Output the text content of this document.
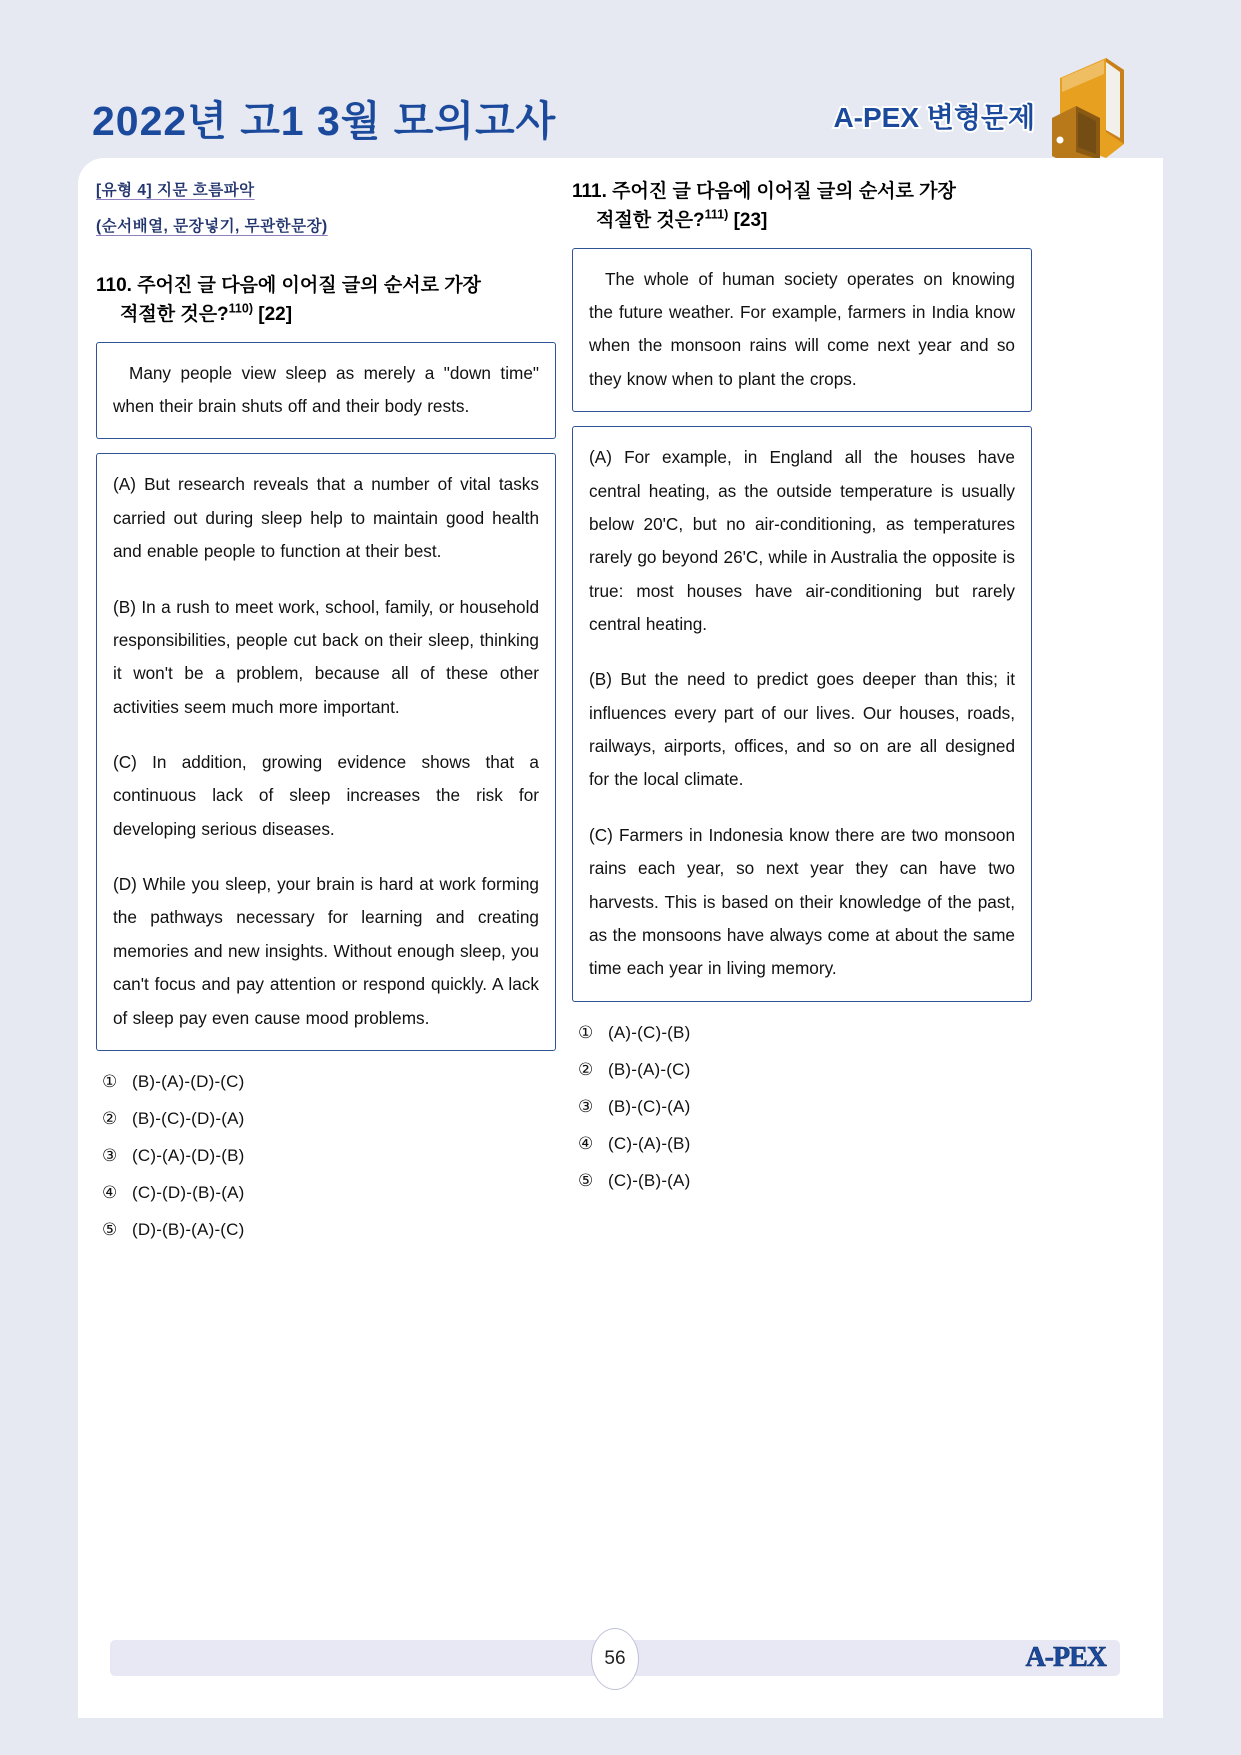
2022년 고1 3월 모의고사	A-PEX 변형문제
[유형 4] 지문 흐름파악
(순서배열, 문장넣기, 무관한문장)
110. 주어진 글 다음에 이어질 글의 순서로 가장
적절한 것은?$^{110)}$ [22]

Many people view sleep as merely a "down time" when their brain shuts off and their body rests.

(A) But research reveals that a number of vital tasks carried out during sleep help to maintain good health and enable people to function at their best.

(B) In a rush to meet work, school, family, or household responsibilities, people cut back on their sleep, thinking it won't be a problem, because all of these other activities seem much more important.

(C) In addition, growing evidence shows that a continuous lack of sleep increases the risk for developing serious diseases.

(D) While you sleep, your brain is hard at work forming the pathways necessary for learning and creating memories and new insights. Without enough sleep, you can't focus and pay attention or respond quickly. A lack of sleep pay even cause mood problems.

① (B)-(A)-(D)-(C)
② (B)-(C)-(D)-(A)
③ (C)-(A)-(D)-(B)
④ (C)-(D)-(B)-(A)
⑤ (D)-(B)-(A)-(C)
111. 주어진 글 다음에 이어질 글의 순서로 가장
적절한 것은?$^{111)}$ [23]

The whole of human society operates on knowing the future weather. For example, farmers in India know when the monsoon rains will come next year and so they know when to plant the crops.

(A) For example, in England all the houses have central heating, as the outside temperature is usually below 20'C, but no air-conditioning, as temperatures rarely go beyond 26'C, while in Australia the opposite is true: most houses have air-conditioning but rarely central heating.

(B) But the need to predict goes deeper than this; it influences every part of our lives. Our houses, roads, railways, airports, offices, and so on are all designed for the local climate.

(C) Farmers in Indonesia know there are two monsoon rains each year, so next year they can have two harvests. This is based on their knowledge of the past, as the monsoons have always come at about the same time each year in living memory.

① (A)-(C)-(B)
② (B)-(A)-(C)
③ (B)-(C)-(A)
④ (C)-(A)-(B)
⑤ (C)-(B)-(A)
56	A-PEX
